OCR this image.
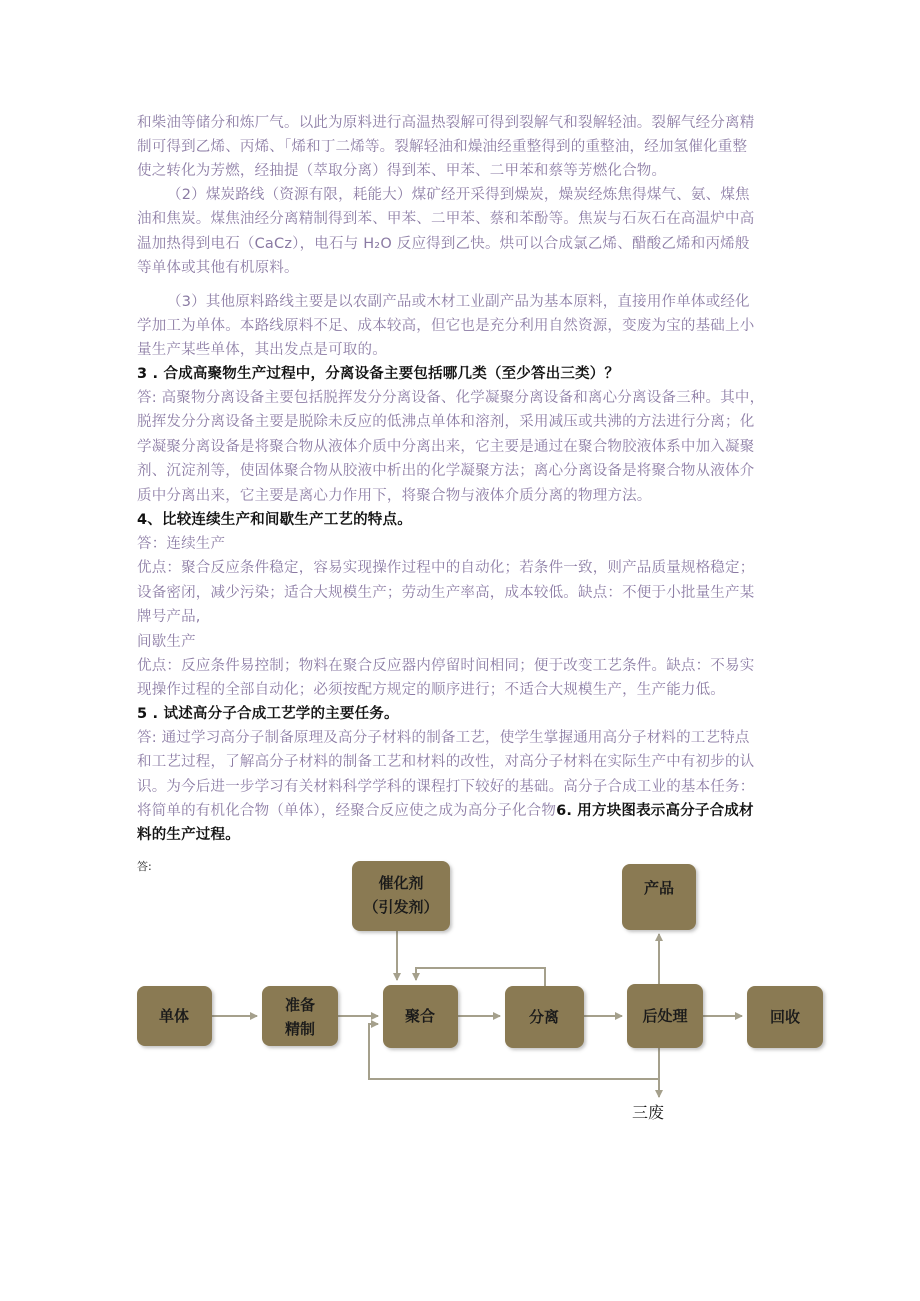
和柴油等储分和炼厂气。以此为原料进行高温热裂解可得到裂解气和裂解轻油。裂解气经分离精
制可得到乙烯、丙烯、「烯和丁二烯等。裂解轻油和燥油经重整得到的重整油，经加氢催化重整
使之转化为芳燃，经抽提（萃取分离）得到苯、甲苯、二甲苯和蔡等芳燃化合物。
（2）煤炭路线（资源有限，耗能大）煤矿经开采得到燥炭，燥炭经炼焦得煤气、氨、煤焦
油和焦炭。煤焦油经分离精制得到苯、甲苯、二甲苯、蔡和苯酚等。焦炭与石灰石在高温炉中高
温加热得到电石（CaCz），电石与 H₂O 反应得到乙快。烘可以合成氯乙烯、醋酸乙烯和丙烯般
等单体或其他有机原料。
（3）其他原料路线主要是以农副产品或木材工业副产品为基本原料，直接用作单体或经化
学加工为单体。本路线原料不足、成本较高，但它也是充分利用自然资源，变废为宝的基础上小
量生产某些单体，其出发点是可取的。
3 . 合成高聚物生产过程中，分离设备主要包括哪几类（至少答出三类）？
答: 高聚物分离设备主要包括脱挥发分分离设备、化学凝聚分离设备和离心分离设备三种。其中，
脱挥发分分离设备主要是脱除未反应的低沸点单体和溶剂，采用减压或共沸的方法进行分离；化
学凝聚分离设备是将聚合物从液体介质中分离出来，它主要是通过在聚合物胶液体系中加入凝聚
剂、沉淀剂等，使固体聚合物从胶液中析出的化学凝聚方法；离心分离设备是将聚合物从液体介
质中分离出来，它主要是离心力作用下，将聚合物与液体介质分离的物理方法。
4、比较连续生产和间歇生产工艺的特点。
答：连续生产
优点：聚合反应条件稳定，容易实现操作过程中的自动化；若条件一致，则产品质量规格稳定；
设备密闭，减少污染；适合大规模生产；劳动生产率高，成本较低。缺点：不便于小批量生产某
牌号产品,
间歇生产
优点：反应条件易控制；物料在聚合反应器内停留时间相同；便于改变工艺条件。缺点：不易实
现操作过程的全部自动化；必须按配方规定的顺序进行；不适合大规模生产，生产能力低。
5 . 试述高分子合成工艺学的主要任务。
答: 通过学习高分子制备原理及高分子材料的制备工艺，使学生掌握通用高分子材料的工艺特点
和工艺过程，了解高分子材料的制备工艺和材料的改性，对高分子材料在实际生产中有初步的认
识。为今后进一步学习有关材料科学学科的课程打下较好的基础。高分子合成工业的基本任务：
将简单的有机化合物（单体），经聚合反应使之成为高分子化合物6. 用方块图表示高分子合成材
料的生产过程。
答:
单体
准备
精制
催化剂
（引发剂）
聚合	分离
产品
后处理	回收
三废
